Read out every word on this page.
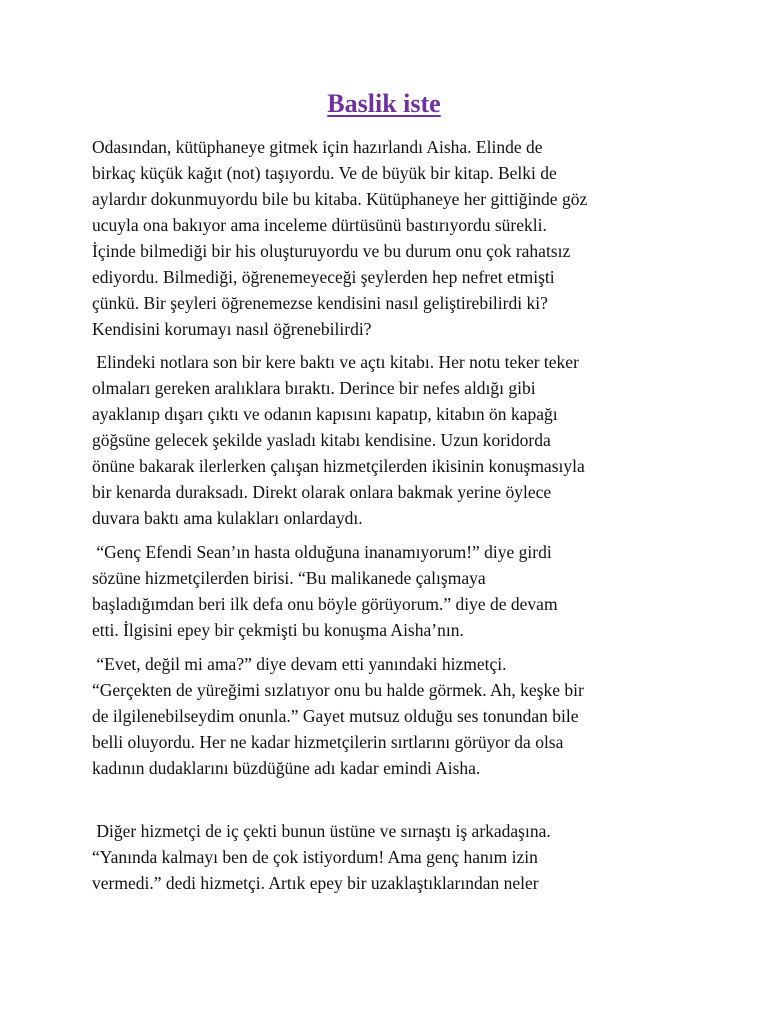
Baslik iste

Odasından, kütüphaneye gitmek için hazırlandı Aisha. Elinde de
birkaç küçük kağıt (not) taşıyordu. Ve de büyük bir kitap. Belki de
aylardır dokunmuyordu bile bu kitaba. Kütüphaneye her gittiğinde göz
ucuyla ona bakıyor ama inceleme dürtüsünü bastırıyordu sürekli.
İçinde bilmediği bir his oluşturuyordu ve bu durum onu çok rahatsız
ediyordu. Bilmediği, öğrenemeyeceği şeylerden hep nefret etmişti
çünkü. Bir şeyleri öğrenemezse kendisini nasıl geliştirebilirdi ki?
Kendisini korumayı nasıl öğrenebilirdi?

Elindeki notlara son bir kere baktı ve açtı kitabı. Her notu teker teker
olmaları gereken aralıklara bıraktı. Derince bir nefes aldığı gibi
ayaklanıp dışarı çıktı ve odanın kapısını kapatıp, kitabın ön kapağı
göğsüne gelecek şekilde yasladı kitabı kendisine. Uzun koridorda
önüne bakarak ilerlerken çalışan hizmetçilerden ikisinin konuşmasıyla
bir kenarda duraksadı. Direkt olarak onlara bakmak yerine öylece
duvara baktı ama kulakları onlardaydı.

“Genç Efendi Sean’ın hasta olduğuna inanamıyorum!” diye girdi
sözüne hizmetçilerden birisi. “Bu malikanede çalışmaya
başladığımdan beri ilk defa onu böyle görüyorum.” diye de devam
etti. İlgisini epey bir çekmişti bu konuşma Aisha’nın.

“Evet, değil mi ama?” diye devam etti yanındaki hizmetçi.
“Gerçekten de yüreğimi sızlatıyor onu bu halde görmek. Ah, keşke bir
de ilgilenebilseydim onunla.” Gayet mutsuz olduğu ses tonundan bile
belli oluyordu. Her ne kadar hizmetçilerin sırtlarını görüyor da olsa
kadının dudaklarını büzdüğüne adı kadar emindi Aisha.

Diğer hizmetçi de iç çekti bunun üstüne ve sırnaştı iş arkadaşına.
“Yanında kalmayı ben de çok istiyordum! Ama genç hanım izin
vermedi.” dedi hizmetçi. Artık epey bir uzaklaştıklarından neler
